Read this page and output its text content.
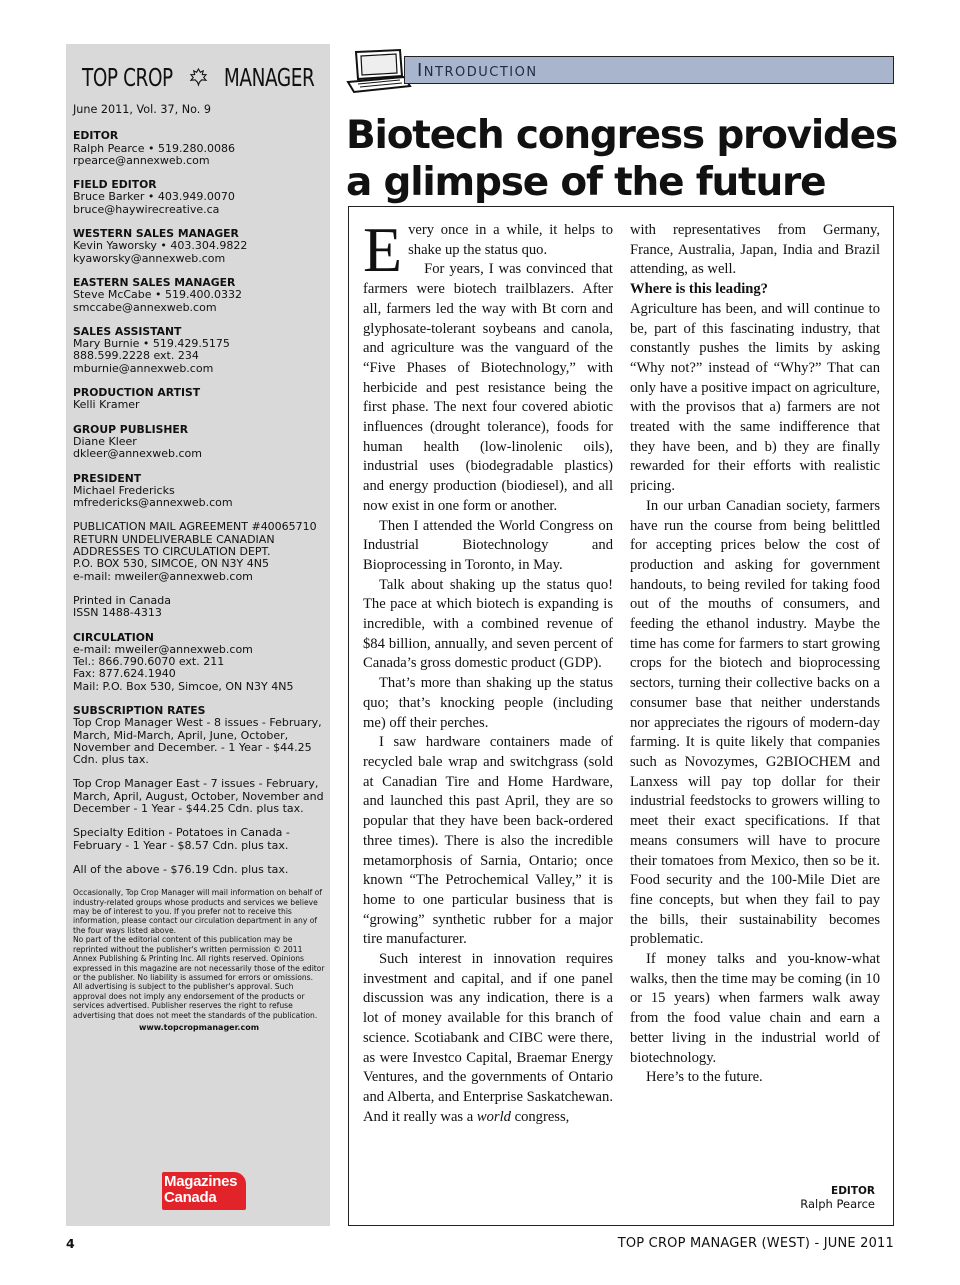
TOP CROP MANAGER

June 2011, Vol. 37, No. 9

EDITOR

Ralph Pearce • 519.280.0086

rpearce@annexweb.com

FIELD EDITOR

Bruce Barker • 403.949.0070

bruce@haywirecreative.ca

WESTERN SALES MANAGER

Kevin Yaworsky • 403.304.9822

kyaworsky@annexweb.com

EASTERN SALES MANAGER

Steve McCabe • 519.400.0332

smccabe@annexweb.com

SALES ASSISTANT

Mary Burnie • 519.429.5175

888.599.2228 ext. 234

mburnie@annexweb.com

PRODUCTION ARTIST

Kelli Kramer

GROUP PUBLISHER

Diane Kleer

dkleer@annexweb.com

PRESIDENT

Michael Fredericks

mfredericks@annexweb.com

PUBLICATION MAIL AGREEMENT #40065710

RETURN UNDELIVERABLE CANADIAN

ADDRESSES TO CIRCULATION DEPT.

P.O. BOX 530, SIMCOE, ON N3Y 4N5

e-mail: mweiler@annexweb.com

Printed in Canada

ISSN 1488-4313

CIRCULATION

e-mail: mweiler@annexweb.com

Tel.: 866.790.6070 ext. 211

Fax: 877.624.1940

Mail: P.O. Box 530, Simcoe, ON N3Y 4N5

SUBSCRIPTION RATES

Top Crop Manager West - 8 issues - February, March, Mid-March, April, June, October, November and December. - 1 Year - $44.25 Cdn. plus tax.

Top Crop Manager East - 7 issues - February, March, April, August, October, November and December - 1 Year - $44.25 Cdn. plus tax.

Specialty Edition - Potatoes in Canada - February - 1 Year - $8.57 Cdn. plus tax.

All of the above - $76.19 Cdn. plus tax.

Occasionally, Top Crop Manager will mail information on behalf of industry-related groups whose products and services we believe may be of interest to you. If you prefer not to receive this information, please contact our circulation department in any of the four ways listed above.

No part of the editorial content of this publication may be reprinted without the publisher's written permission © 2011 Annex Publishing & Printing Inc. All rights reserved. Opinions expressed in this magazine are not necessarily those of the editor or the publisher. No liability is assumed for errors or omissions.

All advertising is subject to the publisher's approval. Such approval does not imply any endorsement of the products or services advertised. Publisher reserves the right to refuse advertising that does not meet the standards of the publication.

www.topcropmanager.com

Magazines
Canada
Introduction
Biotech congress provides a glimpse of the future

Every once in a while, it helps to shake up the status quo.

For years, I was convinced that farmers were biotech trailblazers. After all, farmers led the way with Bt corn and glyphosate-tolerant soybeans and canola, and agriculture was the vanguard of the “Five Phases of Biotechnology,” with herbicide and pest resistance being the first phase. The next four covered abiotic influences (drought tolerance), foods for human health (low-linolenic oils), industrial uses (biodegradable plastics) and energy production (biodiesel), and all now exist in one form or another.

Then I attended the World Congress on Industrial Biotechnology and Bioprocessing in Toronto, in May.

Talk about shaking up the status quo! The pace at which biotech is expanding is incredible, with a combined revenue of $84 billion, annually, and seven percent of Canada’s gross domestic product (GDP).

That’s more than shaking up the status quo; that’s knocking people (including me) off their perches.

I saw hardware containers made of recycled bale wrap and switchgrass (sold at Canadian Tire and Home Hardware, and launched this past April, they are so popular that they have been back-ordered three times). There is also the incredible metamorphosis of Sarnia, Ontario; once known “The Petrochemical Valley,” it is home to one particular business that is “growing” synthetic rubber for a major tire manufacturer.

Such interest in innovation requires investment and capital, and if one panel discussion was any indication, there is a lot of money available for this branch of science. Scotiabank and CIBC were there, as were Investco Capital, Braemar Energy Ventures, and the governments of Ontario and Alberta, and Enterprise Saskatchewan. And it really was a world congress,

with representatives from Germany, France, Australia, Japan, India and Brazil attending, as well.

Where is this leading?

Agriculture has been, and will continue to be, part of this fascinating industry, that constantly pushes the limits by asking “Why not?” instead of “Why?” That can only have a positive impact on agriculture, with the provisos that a) farmers are not treated with the same indifference that they have been, and b) they are finally rewarded for their efforts with realistic pricing.

In our urban Canadian society, farmers have run the course from being belittled for accepting prices below the cost of production and asking for government handouts, to being reviled for taking food out of the mouths of consumers, and feeding the ethanol industry. Maybe the time has come for farmers to start growing crops for the biotech and bioprocessing sectors, turning their collective backs on a consumer base that neither understands nor appreciates the rigours of modern-day farming. It is quite likely that companies such as Novozymes, G2BIOCHEM and Lanxess will pay top dollar for their industrial feedstocks to growers willing to meet their exact specifications. If that means consumers will have to procure their tomatoes from Mexico, then so be it. Food security and the 100-Mile Diet are fine concepts, but when they fail to pay the bills, their sustainability becomes problematic.

If money talks and you-know-what walks, then the time may be coming (in 10 or 15 years) when farmers walk away from the food value chain and earn a better living in the industrial world of biotechnology.

Here’s to the future.

EDITOR
Ralph Pearce
4	TOP CROP MANAGER (WEST) - JUNE 2011
